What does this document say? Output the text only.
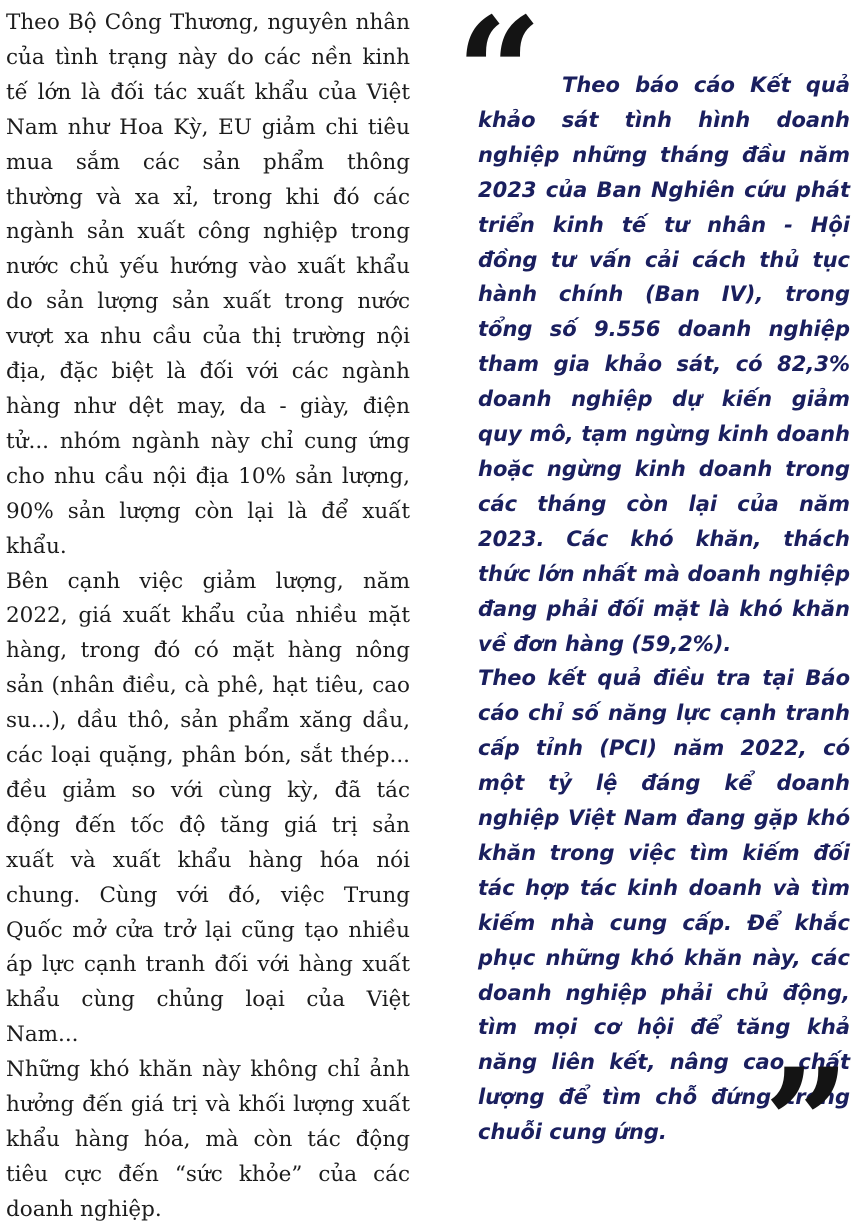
Theo Bộ Công Thương, nguyên nhân của tình trạng này do các nền kinh tế lớn là đối tác xuất khẩu của Việt Nam như Hoa Kỳ, EU giảm chi tiêu mua sắm các sản phẩm thông thường và xa xỉ, trong khi đó các ngành sản xuất công nghiệp trong nước chủ yếu hướng vào xuất khẩu do sản lượng sản xuất trong nước vượt xa nhu cầu của thị trường nội địa, đặc biệt là đối với các ngành hàng như dệt may, da - giày, điện tử... nhóm ngành này chỉ cung ứng cho nhu cầu nội địa 10% sản lượng, 90% sản lượng còn lại là để xuất khẩu.

Bên cạnh việc giảm lượng, năm 2022, giá xuất khẩu của nhiều mặt hàng, trong đó có mặt hàng nông sản (nhân điều, cà phê, hạt tiêu, cao su...), dầu thô, sản phẩm xăng dầu, các loại quặng, phân bón, sắt thép... đều giảm so với cùng kỳ, đã tác động đến tốc độ tăng giá trị sản xuất và xuất khẩu hàng hóa nói chung. Cùng với đó, việc Trung Quốc mở cửa trở lại cũng tạo nhiều áp lực cạnh tranh đối với hàng xuất khẩu cùng chủng loại của Việt Nam...

Những khó khăn này không chỉ ảnh hưởng đến giá trị và khối lượng xuất khẩu hàng hóa, mà còn tác động tiêu cực đến “sức khỏe” của các doanh nghiệp.

“ Theo báo cáo Kết quả khảo sát tình hình doanh nghiệp những tháng đầu năm 2023 của Ban Nghiên cứu phát triển kinh tế tư nhân - Hội đồng tư vấn cải cách thủ tục hành chính (Ban IV), trong tổng số 9.556 doanh nghiệp tham gia khảo sát, có 82,3% doanh nghiệp dự kiến giảm quy mô, tạm ngừng kinh doanh hoặc ngừng kinh doanh trong các tháng còn lại của năm 2023. Các khó khăn, thách thức lớn nhất mà doanh nghiệp đang phải đối mặt là khó khăn về đơn hàng (59,2%).

Theo kết quả điều tra tại Báo cáo chỉ số năng lực cạnh tranh cấp tỉnh (PCI) năm 2022, có một tỷ lệ đáng kể doanh nghiệp Việt Nam đang gặp khó khăn trong việc tìm kiếm đối tác hợp tác kinh doanh và tìm kiếm nhà cung cấp. Để khắc phục những khó khăn này, các doanh nghiệp phải chủ động, tìm mọi cơ hội để tăng khả năng liên kết, nâng cao chất lượng để tìm chỗ đứng trong chuỗi cung ứng. ”
